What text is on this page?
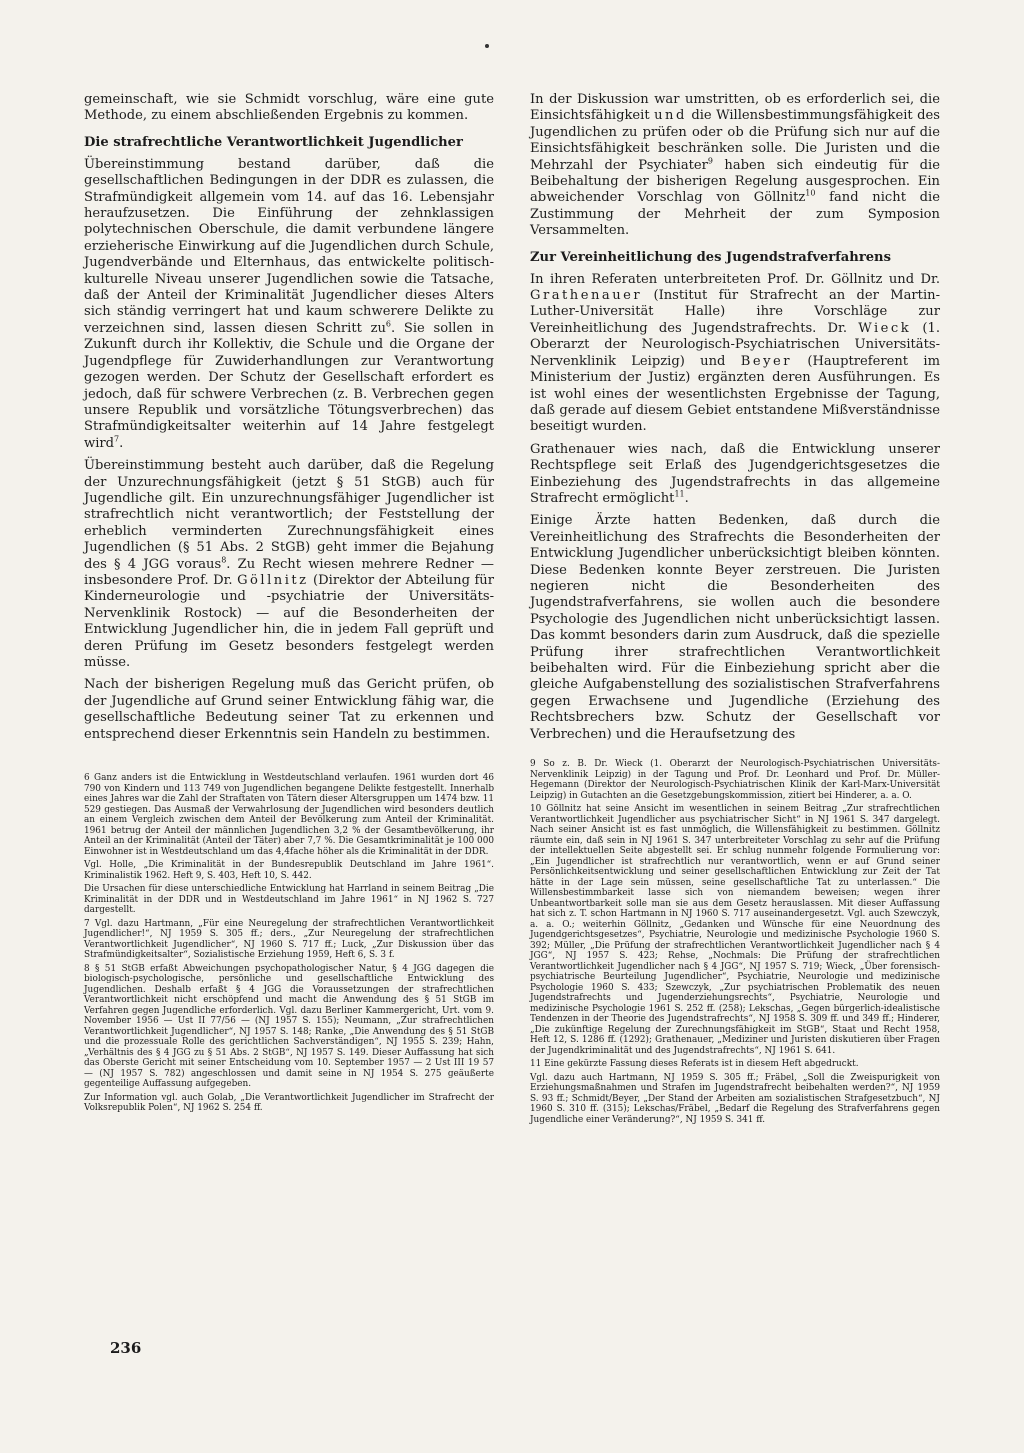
gemeinschaft, wie sie Schmidt vorschlug, wäre eine gute Methode, zu einem abschließenden Ergebnis zu kommen.

Die strafrechtliche Verantwortlichkeit Jugendlicher

Übereinstimmung bestand darüber, daß die gesellschaftlichen Bedingungen in der DDR es zulassen, die Strafmündigkeit allgemein vom 14. auf das 16. Lebensjahr heraufzusetzen. Die Einführung der zehnklassigen polytechnischen Oberschule, die damit verbundene längere erzieherische Einwirkung auf die Jugendlichen durch Schule, Jugendverbände und Elternhaus, das entwickelte politisch-kulturelle Niveau unserer Jugendlichen sowie die Tatsache, daß der Anteil der Kriminalität Jugendlicher dieses Alters sich ständig verringert hat und kaum schwerere Delikte zu verzeichnen sind, lassen diesen Schritt $zu^6$. Sie sollen in Zukunft durch ihr Kollektiv, die Schule und die Organe der Jugendpflege für Zuwiderhandlungen zur Verantwortung gezogen werden. Der Schutz der Gesellschaft erfordert es jedoch, daß für schwere Verbrechen (z. B. Verbrechen gegen unsere Republik und vorsätzliche Tötungsverbrechen) das Strafmündigkeitsalter weiterhin auf 14 Jahre festgelegt wird$^7$.

Übereinstimmung besteht auch darüber, daß die Regelung der Unzurechnungsfähigkeit (jetzt § 51 StGB) auch für Jugendliche gilt. Ein unzurechnungsfähiger Jugendlicher ist strafrechtlich nicht verantwortlich; der Feststellung der erheblich verminderten Zurechnungsfähigkeit eines Jugendlichen (§ 51 Abs. 2 StGB) geht immer die Bejahung des § 4 JGG voraus$^8$. Zu Recht wiesen mehrere Redner — insbesondere Prof. Dr. Göllnitz (Direktor der Abteilung für Kinderneurologie und -psychiatrie der Universitäts-Nervenklinik Rostock) — auf die Besonderheiten der Entwicklung Jugendlicher hin, die in jedem Fall geprüft und deren Prüfung im Gesetz besonders festgelegt werden müsse.

Nach der bisherigen Regelung muß das Gericht prüfen, ob der Jugendliche auf Grund seiner Entwicklung fähig war, die gesellschaftliche Bedeutung seiner Tat zu erkennen und entsprechend dieser Erkenntnis sein Handeln zu bestimmen.

6 Ganz anders ist die Entwicklung in Westdeutschland verlaufen. 1961 wurden dort 46 790 von Kindern und 113 749 von Jugendlichen begangene Delikte festgestellt. Innerhalb eines Jahres war die Zahl der Straftaten von Tätern dieser Altersgruppen um 1474 bzw. 11 529 gestiegen. Das Ausmaß der Verwahrlosung der Jugendlichen wird besonders deutlich an einem Vergleich zwischen dem Anteil der Bevölkerung zum Anteil der Kriminalität. 1961 betrug der Anteil der männlichen Jugendlichen 3,2 % der Gesamtbevölkerung, ihr Anteil an der Kriminalität (Anteil der Täter) aber 7,7 %. Die Gesamtkriminalität je 100 000 Einwohner ist in Westdeutschland um das 4,4fache höher als die Kriminalität in der DDR.

Vgl. Holle, „Die Kriminalität in der Bundesrepublik Deutschland im Jahre 1961“. Kriminalistik 1962. Heft 9, S. 403, Heft 10, S. 442.

Die Ursachen für diese unterschiedliche Entwicklung hat Harrland in seinem Beitrag „Die Kriminalität in der DDR und in Westdeutschland im Jahre 1961“ in NJ 1962 S. 727 dargestellt.

7 Vgl. dazu Hartmann, „Für eine Neuregelung der strafrechtlichen Verantwortlichkeit Jugendlicher!“, NJ 1959 S. 305 ff.; ders., „Zur Neuregelung der strafrechtlichen Verantwortlichkeit Jugendlicher“, NJ 1960 S. 717 ff.; Luck, „Zur Diskussion über das Strafmündigkeitsalter“, Sozialistische Erziehung 1959, Heft 6, S. 3 f.

8 § 51 StGB erfaßt Abweichungen psychopathologischer Natur, § 4 JGG dagegen die biologisch-psychologische, persönliche und gesellschaftliche Entwicklung des Jugendlichen. Deshalb erfaßt § 4 JGG die Voraussetzungen der strafrechtlichen Verantwortlichkeit nicht erschöpfend und macht die Anwendung des § 51 StGB im Verfahren gegen Jugendliche erforderlich. Vgl. dazu Berliner Kammergericht, Urt. vom 9. November 1956 — Ust II 77/56 — (NJ 1957 S. 155); Neumann, „Zur strafrechtlichen Verantwortlichkeit Jugendlicher“, NJ 1957 S. 148; Ranke, „Die Anwendung des § 51 StGB und die prozessuale Rolle des gerichtlichen Sachverständigen“, NJ 1955 S. 239; Hahn, „Verhältnis des § 4 JGG zu § 51 Abs. 2 StGB“, NJ 1957 S. 149. Dieser Auffassung hat sich das Oberste Gericht mit seiner Entscheidung vom 10. September 1957 — 2 Ust III 19 57 — (NJ 1957 S. 782) angeschlossen und damit seine in NJ 1954 S. 275 geäußerte gegenteilige Auffassung aufgegeben.

Zur Information vgl. auch Golab, „Die Verantwortlichkeit Jugendlicher im Strafrecht der Volksrepublik Polen“, NJ 1962 S. 254 ff.

In der Diskussion war umstritten, ob es erforderlich sei, die Einsichtsfähigkeit und die Willensbestimmungsfähigkeit des Jugendlichen zu prüfen oder ob die Prüfung sich nur auf die Einsichtsfähigkeit beschränken solle. Die Juristen und die Mehrzahl der Psychiater$^9$ haben sich eindeutig für die Beibehaltung der bisherigen Regelung ausgesprochen. Ein abweichender Vorschlag von Göllnitz$^{10}$ fand nicht die Zustimmung der Mehrheit der zum Symposion Versammelten.

Zur Vereinheitlichung des Jugendstrafverfahrens

In ihren Referaten unterbreiteten Prof. Dr. Göllnitz und Dr. Grathenauer (Institut für Strafrecht an der Martin-Luther-Universität Halle) ihre Vorschläge zur Vereinheitlichung des Jugendstrafrechts. Dr. Wieck (1. Oberarzt der Neurologisch-Psychiatrischen Universitäts-Nervenklinik Leipzig) und Beyer (Hauptreferent im Ministerium der Justiz) ergänzten deren Ausführungen. Es ist wohl eines der wesentlichsten Ergebnisse der Tagung, daß gerade auf diesem Gebiet entstandene Mißverständnisse beseitigt wurden.

Grathenauer wies nach, daß die Entwicklung unserer Rechtspflege seit Erlaß des Jugendgerichtsgesetzes die Einbeziehung des Jugendstrafrechts in das allgemeine Strafrecht ermöglicht$^{11}$.

Einige Ärzte hatten Bedenken, daß durch die Vereinheitlichung des Strafrechts die Besonderheiten der Entwicklung Jugendlicher unberücksichtigt bleiben könnten. Diese Bedenken konnte Beyer zerstreuen. Die Juristen negieren nicht die Besonderheiten des Jugendstrafverfahrens, sie wollen auch die besondere Psychologie des Jugendlichen nicht unberücksichtigt lassen. Das kommt besonders darin zum Ausdruck, daß die spezielle Prüfung ihrer strafrechtlichen Verantwortlichkeit beibehalten wird. Für die Einbeziehung spricht aber die gleiche Aufgabenstellung des sozialistischen Strafverfahrens gegen Erwachsene und Jugendliche (Erziehung des Rechtsbrechers bzw. Schutz der Gesellschaft vor Verbrechen) und die Heraufsetzung des

9 So z. B. Dr. Wieck (1. Oberarzt der Neurologisch-Psychiatrischen Universitäts-Nervenklinik Leipzig) in der Tagung und Prof. Dr. Leonhard und Prof. Dr. Müller-Hegemann (Direktor der Neurologisch-Psychiatrischen Klinik der Karl-Marx-Universität Leipzig) in Gutachten an die Gesetzgebungskommission, zitiert bei Hinderer, a. a. O.

10 Göllnitz hat seine Ansicht im wesentlichen in seinem Beitrag „Zur strafrechtlichen Verantwortlichkeit Jugendlicher aus psychiatrischer Sicht“ in NJ 1961 S. 347 dargelegt. Nach seiner Ansicht ist es fast unmöglich, die Willensfähigkeit zu bestimmen. Göllnitz räumte ein, daß sein in NJ 1961 S. 347 unterbreiteter Vorschlag zu sehr auf die Prüfung der intellektuellen Seite abgestellt sei. Er schlug nunmehr folgende Formulierung vor: „Ein Jugendlicher ist strafrechtlich nur verantwortlich, wenn er auf Grund seiner Persönlichkeitsentwicklung und seiner gesellschaftlichen Entwicklung zur Zeit der Tat hätte in der Lage sein müssen, seine gesellschaftliche Tat zu unterlassen.“ Die Willensbestimmbarkeit lasse sich von niemandem beweisen; wegen ihrer Unbeantwortbarkeit solle man sie aus dem Gesetz herauslassen. Mit dieser Auffassung hat sich z. T. schon Hartmann in NJ 1960 S. 717 auseinandergesetzt. Vgl. auch Szewczyk, a. a. O.; weiterhin Göllnitz, „Gedanken und Wünsche für eine Neuordnung des Jugendgerichtsgesetzes“, Psychiatrie, Neurologie und medizinische Psychologie 1960 S. 392; Müller, „Die Prüfung der strafrechtlichen Verantwortlichkeit Jugendlicher nach § 4 JGG“, NJ 1957 S. 423; Rehse, „Nochmals: Die Prüfung der strafrechtlichen Verantwortlichkeit Jugendlicher nach § 4 JGG“, NJ 1957 S. 719; Wieck, „Über forensisch-psychiatrische Beurteilung Jugendlicher“, Psychiatrie, Neurologie und medizinische Psychologie 1960 S. 433; Szewczyk, „Zur psychiatrischen Problematik des neuen Jugendstrafrechts und Jugenderziehungsrechts“, Psychiatrie, Neurologie und medizinische Psychologie 1961 S. 252 ff. (258); Lekschas, „Gegen bürgerlich-idealistische Tendenzen in der Theorie des Jugendstrafrechts“, NJ 1958 S. 309 ff. und 349 ff.; Hinderer, „Die zukünftige Regelung der Zurechnungsfähigkeit im StGB“, Staat und Recht 1958, Heft 12, S. 1286 ff. (1292); Grathenauer, „Mediziner und Juristen diskutieren über Fragen der Jugendkriminalität und des Jugendstrafrechts“, NJ 1961 S. 641.

11 Eine gekürzte Fassung dieses Referats ist in diesem Heft abgedruckt.

Vgl. dazu auch Hartmann, NJ 1959 S. 305 ff.; Fräbel, „Soll die Zweispurigkeit von Erziehungsmaßnahmen und Strafen im Jugendstrafrecht beibehalten werden?“, NJ 1959 S. 93 ff.; Schmidt/Beyer, „Der Stand der Arbeiten am sozialistischen Strafgesetzbuch“, NJ 1960 S. 310 ff. (315); Lekschas/Fräbel, „Bedarf die Regelung des Strafverfahrens gegen Jugendliche einer Veränderung?“, NJ 1959 S. 341 ff.

236
